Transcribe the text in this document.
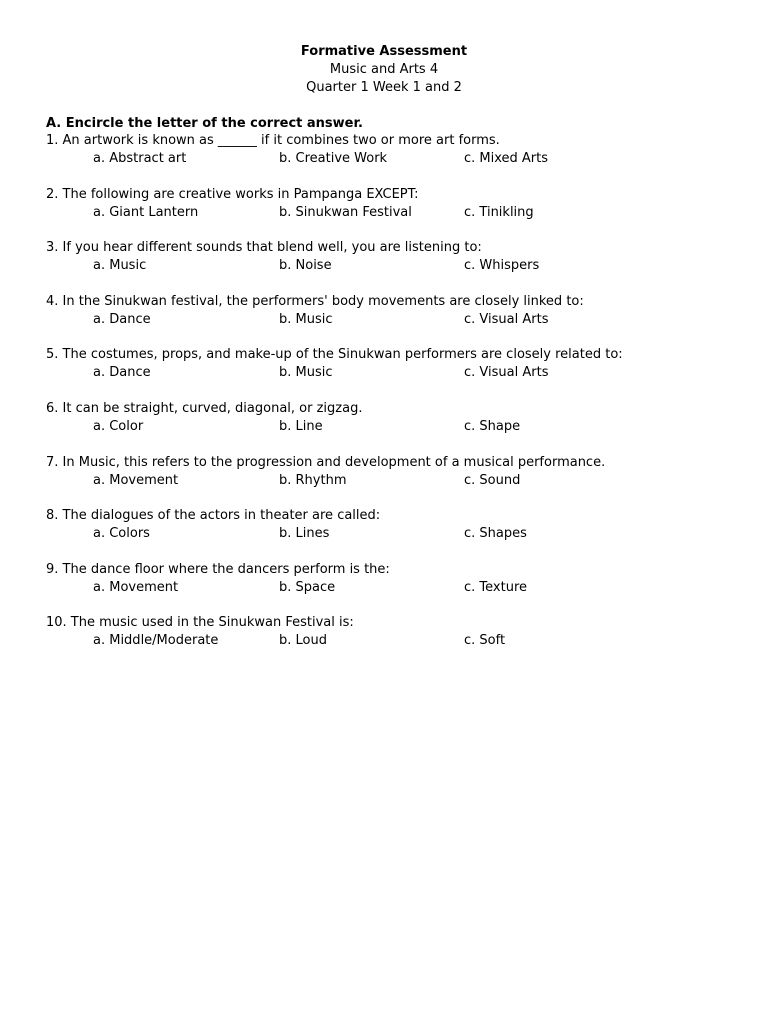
Formative Assessment
Music and Arts 4
Quarter 1 Week 1 and 2
A. Encircle the letter of the correct answer.
1. An artwork is known as ______ if it combines two or more art forms.
a. Abstract art	b. Creative Work	c. Mixed Arts
2. The following are creative works in Pampanga EXCEPT:
a. Giant Lantern	b. Sinukwan Festival	c. Tinikling
3. If you hear different sounds that blend well, you are listening to:
a. Music	b. Noise	c. Whispers
4. In the Sinukwan festival, the performers' body movements are closely linked to:
a. Dance	b. Music	c. Visual Arts
5. The costumes, props, and make-up of the Sinukwan performers are closely related to:
a. Dance	b. Music	c. Visual Arts
6. It can be straight, curved, diagonal, or zigzag.
a. Color	b. Line	c. Shape
7. In Music, this refers to the progression and development of a musical performance.
a. Movement	b. Rhythm	c. Sound
8. The dialogues of the actors in theater are called:
a. Colors	b. Lines	c. Shapes
9. The dance floor where the dancers perform is the:
a. Movement	b. Space	c. Texture
10. The music used in the Sinukwan Festival is:
a. Middle/Moderate	b. Loud	c. Soft
